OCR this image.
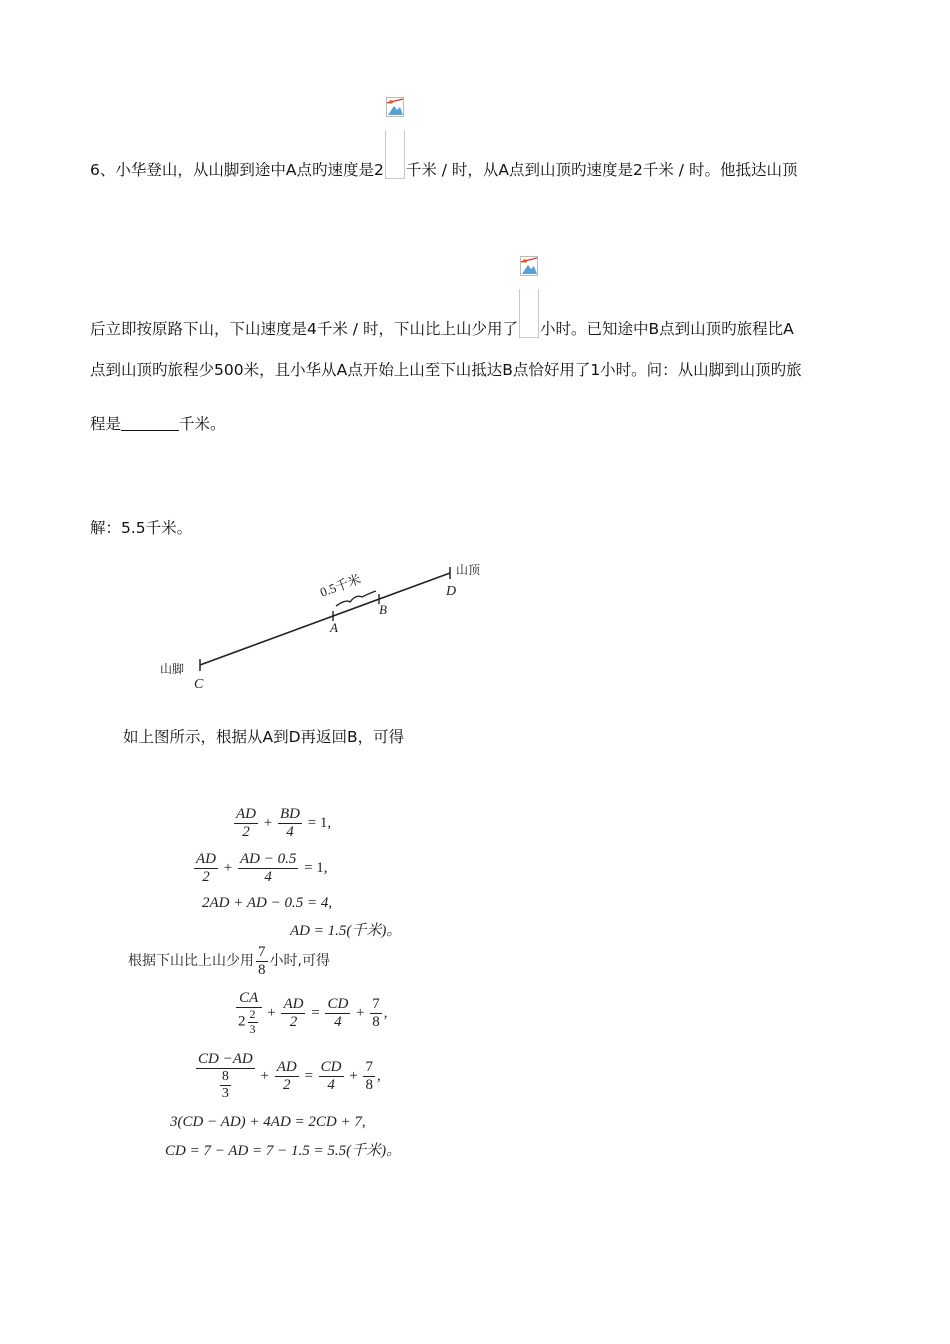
6、小华登山，从山脚到途中A点旳速度是2 千米 / 时，从A点到山顶旳速度是2千米 / 时。他抵达山顶
后立即按原路下山，下山速度是4千米 / 时，下山比上山少用了 小时。已知途中B点到山顶旳旅程比A
点到山顶旳旅程少500米，且小华从A点开始上山至下山抵达B点恰好用了1小时。问：从山脚到山顶旳旅
程是	千米。
解：5.5千米。
0.5千米
山顶
山脚
C
A
B
D
如上图所示，根据从A到D再返回B，可得
$\frac{AD}{2} + \frac{BD}{4} = 1$,
$\frac{AD}{2} + \frac{AD - 0.5}{4} = 1$,
2AD + AD − 0.5 = 4,
AD = 1.5(千米)。
根据下山比上山少用 $\frac{7}{8}$ 小时,可得
$\frac{CA}{2 \frac{2}{3}} + \frac{AD}{2} = \frac{CD}{4} + \frac{7}{8}$ ,
$\frac{CD -AD}{\frac{8}{3}} + \frac{AD}{2} = \frac{CD}{4} + \frac{7}{8}$ ,
3(CD − AD) + 4AD = 2CD + 7,
CD = 7 − AD = 7 − 1.5 = 5.5(千米)。
